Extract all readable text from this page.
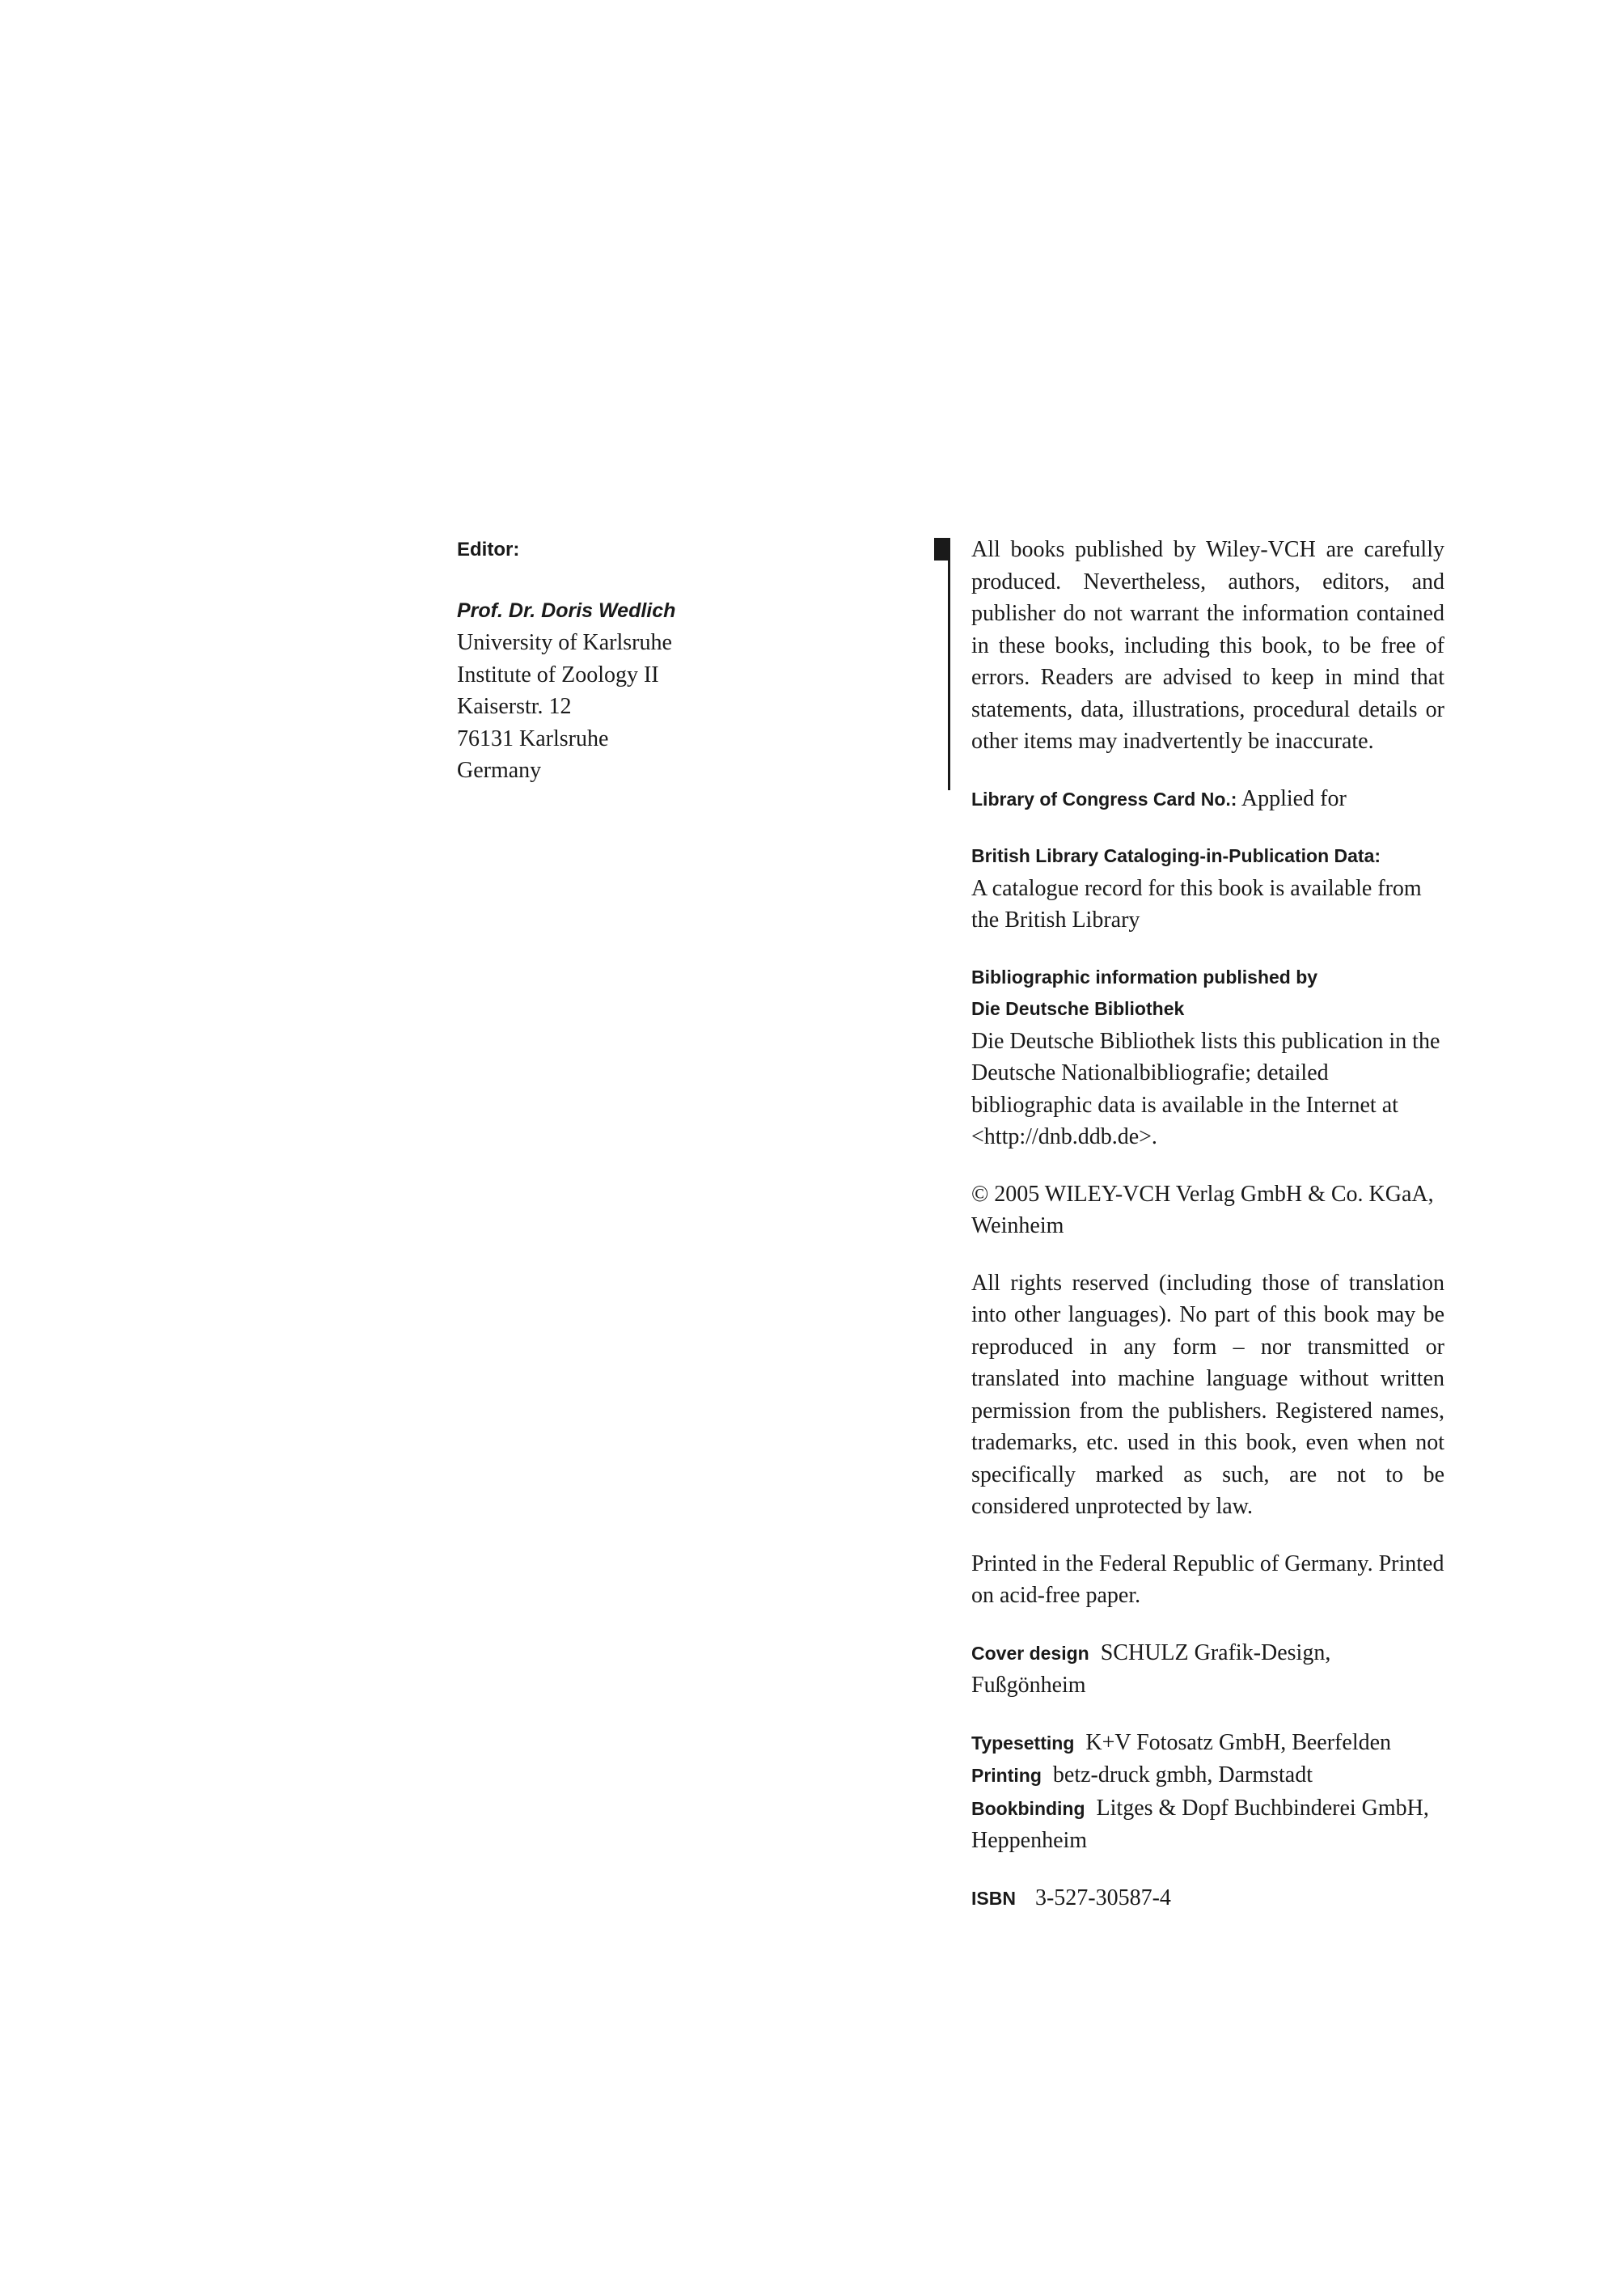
Editor:
Prof. Dr. Doris Wedlich
University of Karlsruhe
Institute of Zoology II
Kaiserstr. 12
76131 Karlsruhe
Germany

All books published by Wiley-VCH are carefully produced. Nevertheless, authors, editors, and publisher do not warrant the information contained in these books, including this book, to be free of errors. Readers are advised to keep in mind that statements, data, illustrations, procedural details or other items may inadvertently be inaccurate.

Library of Congress Card No.: Applied for

British Library Cataloging-in-Publication Data:
A catalogue record for this book is available from the British Library

Bibliographic information published by
Die Deutsche Bibliothek
Die Deutsche Bibliothek lists this publication in the Deutsche Nationalbibliografie; detailed bibliographic data is available in the Internet at <http://dnb.ddb.de>.

© 2005 WILEY-VCH Verlag GmbH & Co. KGaA, Weinheim

All rights reserved (including those of translation into other languages). No part of this book may be reproduced in any form – nor transmitted or translated into machine language without written permission from the publishers. Registered names, trademarks, etc. used in this book, even when not specifically marked as such, are not to be considered unprotected by law.

Printed in the Federal Republic of Germany. Printed on acid-free paper.

Cover design SCHULZ Grafik-Design, Fußgönheim

Typesetting K+V Fotosatz GmbH, Beerfelden

Printing betz-druck gmbh, Darmstadt

Bookbinding Litges & Dopf Buchbinderei GmbH, Heppenheim

ISBN 3-527-30587-4
